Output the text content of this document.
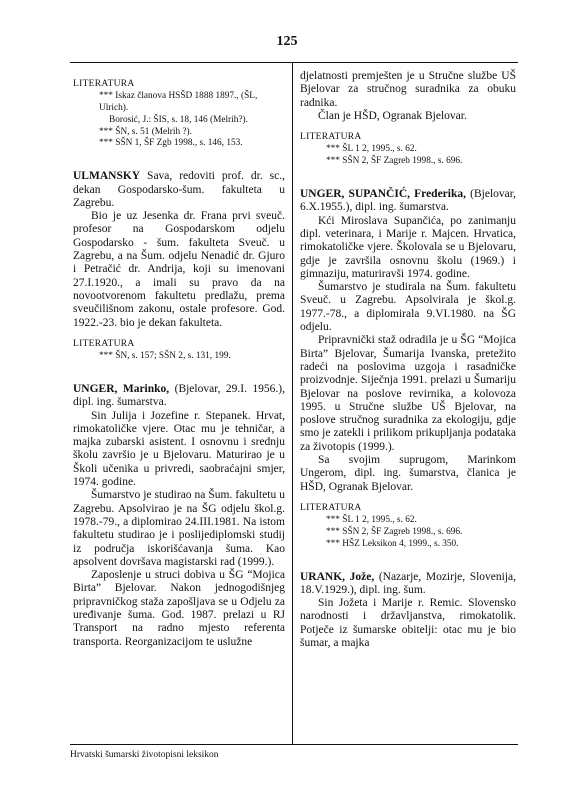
125
LITERATURA
*** Iskaz članova HSŠD 1888 1897., (ŠL, Ulrich).
Borosić, J.: ŠIS, s. 18, 146 (Melrih?).
*** ŠN, s. 51 (Melrih ?).
*** SŠN 1, ŠF Zgb 1998., s. 146, 153.

ULMANSKY Sava, redoviti prof. dr. sc., dekan Gospodarsko-šum. fakulteta u Zagrebu.

Bio je uz Jesenka dr. Frana prvi sveuč. profesor na Gospodarskom odjelu Gospodarsko - šum. fakulteta Sveuč. u Zagrebu, a na Šum. odjelu Nenadić dr. Gjuro i Petračić dr. Andrija, koji su imenovani 27.I.1920., a imali su pravo da na novootvorenom fakultetu predlažu, prema sveučilišnom zakonu, ostale profesore. God. 1922.-23. bio je dekan fakulteta.

LITERATURA
*** ŠN, s. 157; SŠN 2, s. 131, 199.

UNGER, Marinko, (Bjelovar, 29.I. 1956.), dipl. ing. šumarstva.

Sin Julija i Jozefine r. Stepanek. Hrvat, rimokatoličke vjere. Otac mu je tehničar, a majka zubarski asistent. I osnovnu i srednju školu završio je u Bjelovaru. Maturirao je u Školi učenika u privredi, saobraćajni smjer, 1974. godine.

Šumarstvo je studirao na Šum. fakultetu u Zagrebu. Apsolvirao je na ŠG odjelu škol.g. 1978.-79., a diplomirao 24.III.1981. Na istom fakultetu studirao je i poslijediplomski studij iz područja iskorišćavanja šuma. Kao apsolvent dovršava magistarski rad (1999.).

Zaposlenje u struci dobiva u ŠG “Mojica Birta” Bjelovar. Nakon jednogodišnjeg pripravničkog staža zapošljava se u Odjelu za uređivanje šuma. God. 1987. prelazi u RJ Transport na radno mjesto referenta transporta. Reorganizacijom te uslužne

djelatnosti premješten je u Stručne službe UŠ Bjelovar za stručnog suradnika za obuku radnika.

Član je HŠD, Ogranak Bjelovar.

LITERATURA
*** ŠL 1 2, 1995., s. 62.
*** SŠN 2, ŠF Zagreb 1998., s. 696.

UNGER, SUPANČIĆ, Frederika, (Bjelovar, 6.X.1955.), dipl. ing. šumarstva.

Kći Miroslava Supančića, po zanimanju dipl. veterinara, i Marije r. Majcen. Hrvatica, rimokatoličke vjere. Školovala se u Bjelovaru, gdje je završila osnovnu školu (1969.) i gimnaziju, maturiravši 1974. godine.

Šumarstvo je studirala na Šum. fakultetu Sveuč. u Zagrebu. Apsolvirala je škol.g. 1977.-78., a diplomirala 9.VI.1980. na ŠG odjelu.

Pripravnički staž odradila je u ŠG “Mojica Birta” Bjelovar, Šumarija Ivanska, pretežito radeći na poslovima uzgoja i rasadničke proizvodnje. Siječnja 1991. prelazi u Šumariju Bjelovar na poslove revirnika, a kolovoza 1995. u Stručne službe UŠ Bjelovar, na poslove stručnog suradnika za ekologiju, gdje smo je zatekli i prilikom prikupljanja podataka za životopis (1999.).

Sa svojim suprugom, Marinkom Ungerom, dipl. ing. šumarstva, članica je HŠD, Ogranak Bjelovar.

LITERATURA
*** ŠL 1 2, 1995., s. 62.
*** SŠN 2, ŠF Zagreb 1998., s. 696.
*** HŠZ Leksikon 4, 1999., s. 350.

URANK, Jože, (Nazarje, Mozirje, Slovenija, 18.V.1929.), dipl. ing. šum.

Sin Jožeta i Marije r. Remic. Slovensko narodnosti i državljanstva, rimokatolik. Potječe iz šumarske obitelji: otac mu je bio šumar, a majka

Hrvatski šumarski životopisni leksikon
